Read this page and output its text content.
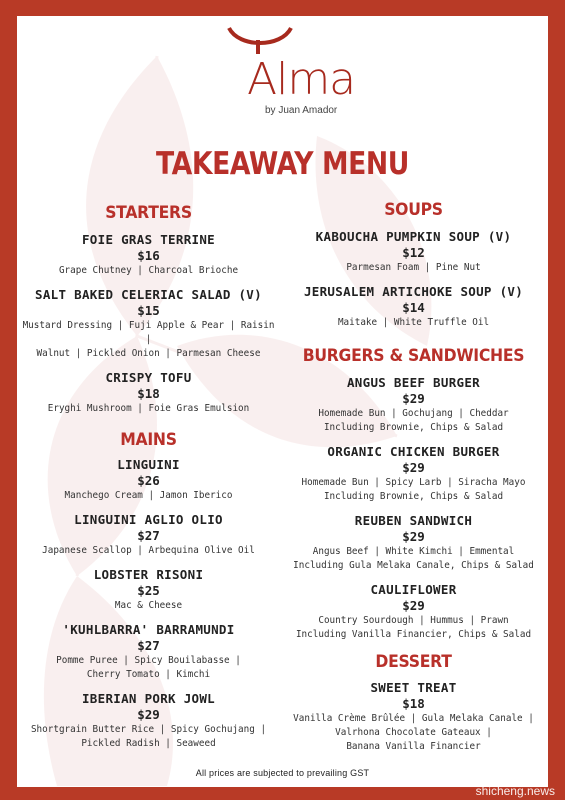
Alma
by Juan Amador
TAKEAWAY MENU
STARTERS
FOIE GRAS TERRINE
$16
Grape Chutney | Charcoal Brioche
SALT BAKED CELERIAC SALAD (V)
$15
Mustard Dressing | Fuji Apple & Pear | Raisin |
Walnut | Pickled Onion | Parmesan Cheese
CRISPY TOFU
$18
Eryghi Mushroom | Foie Gras Emulsion
MAINS
LINGUINI
$26
Manchego Cream | Jamon Iberico
LINGUINI AGLIO OLIO
$27
Japanese Scallop | Arbequina Olive Oil
LOBSTER RISONI
$25
Mac & Cheese
'KUHLBARRA' BARRAMUNDI
$27
Pomme Puree | Spicy Bouilabasse |
Cherry Tomato | Kimchi
IBERIAN PORK JOWL
$29
Shortgrain Butter Rice | Spicy Gochujang |
Pickled Radish | Seaweed
SOUPS
KABOUCHA PUMPKIN SOUP (V)
$12
Parmesan Foam | Pine Nut
JERUSALEM ARTICHOKE SOUP (V)
$14
Maitake | White Truffle Oil
BURGERS & SANDWICHES
ANGUS BEEF BURGER
$29
Homemade Bun | Gochujang | Cheddar
Including Brownie, Chips & Salad
ORGANIC CHICKEN BURGER
$29
Homemade Bun | Spicy Larb | Siracha Mayo
Including Brownie, Chips & Salad
REUBEN SANDWICH
$29
Angus Beef | White Kimchi | Emmental
Including Gula Melaka Canale, Chips & Salad
CAULIFLOWER
$29
Country Sourdough | Hummus | Prawn
Including Vanilla Financier, Chips & Salad
DESSERT
SWEET TREAT
$18
Vanilla Crème Brûlée | Gula Melaka Canale |
Valrhona Chocolate Gateaux |
Banana Vanilla Financier
All prices are subjected to prevailing GST
shicheng.news
